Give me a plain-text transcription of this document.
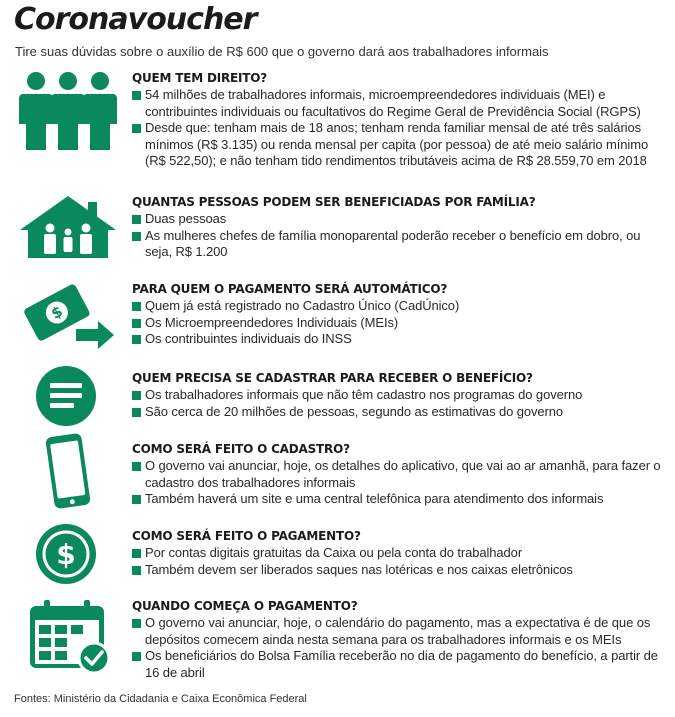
Coronavoucher
Tire suas dúvidas sobre o auxílio de R$ 600 que o governo dará aos trabalhadores informais
QUEM TEM DIREITO?
54 milhões de trabalhadores informais, microempreendedores individuais (MEI) e contribuintes individuais ou facultativos do Regime Geral de Previdência Social (RGPS)
Desde que: tenham mais de 18 anos; tenham renda familiar mensal de até três salários mínimos (R$ 3.135) ou renda mensal per capita (por pessoa) de até meio salário mínimo (R$ 522,50); e não tenham tido rendimentos tributáveis acima de R$ 28.559,70 em 2018
QUANTAS PESSOAS PODEM SER BENEFICIADAS POR FAMÍLIA?
Duas pessoas
As mulheres chefes de família monoparental poderão receber o benefício em dobro, ou seja, R$ 1.200
$
PARA QUEM O PAGAMENTO SERÁ AUTOMÁTICO?
Quem já está registrado no Cadastro Único (CadÚnico)
Os Microempreendedores Individuais (MEIs)
Os contribuintes individuais do INSS
QUEM PRECISA SE CADASTRAR PARA RECEBER O BENEFÍCIO?
Os trabalhadores informais que não têm cadastro nos programas do governo
São cerca de 20 milhões de pessoas, segundo as estimativas do governo
COMO SERÁ FEITO O CADASTRO?
O governo vai anunciar, hoje, os detalhes do aplicativo, que vai ao ar amanhã, para fazer o cadastro dos trabalhadores informais
Também haverá um site e uma central telefônica para atendimento dos informais
$
COMO SERÁ FEITO O PAGAMENTO?
Por contas digitais gratuitas da Caixa ou pela conta do trabalhador
Também devem ser liberados saques nas lotéricas e nos caixas eletrônicos
QUANDO COMEÇA O PAGAMENTO?
O governo vai anunciar, hoje, o calendário do pagamento, mas a expectativa é de que os depósitos comecem ainda nesta semana para os trabalhadores informais e os MEIs
Os beneficiários do Bolsa Família receberão no dia de pagamento do benefício, a partir de 16 de abril
Fontes: Ministério da Cidadania e Caixa Econômica Federal
